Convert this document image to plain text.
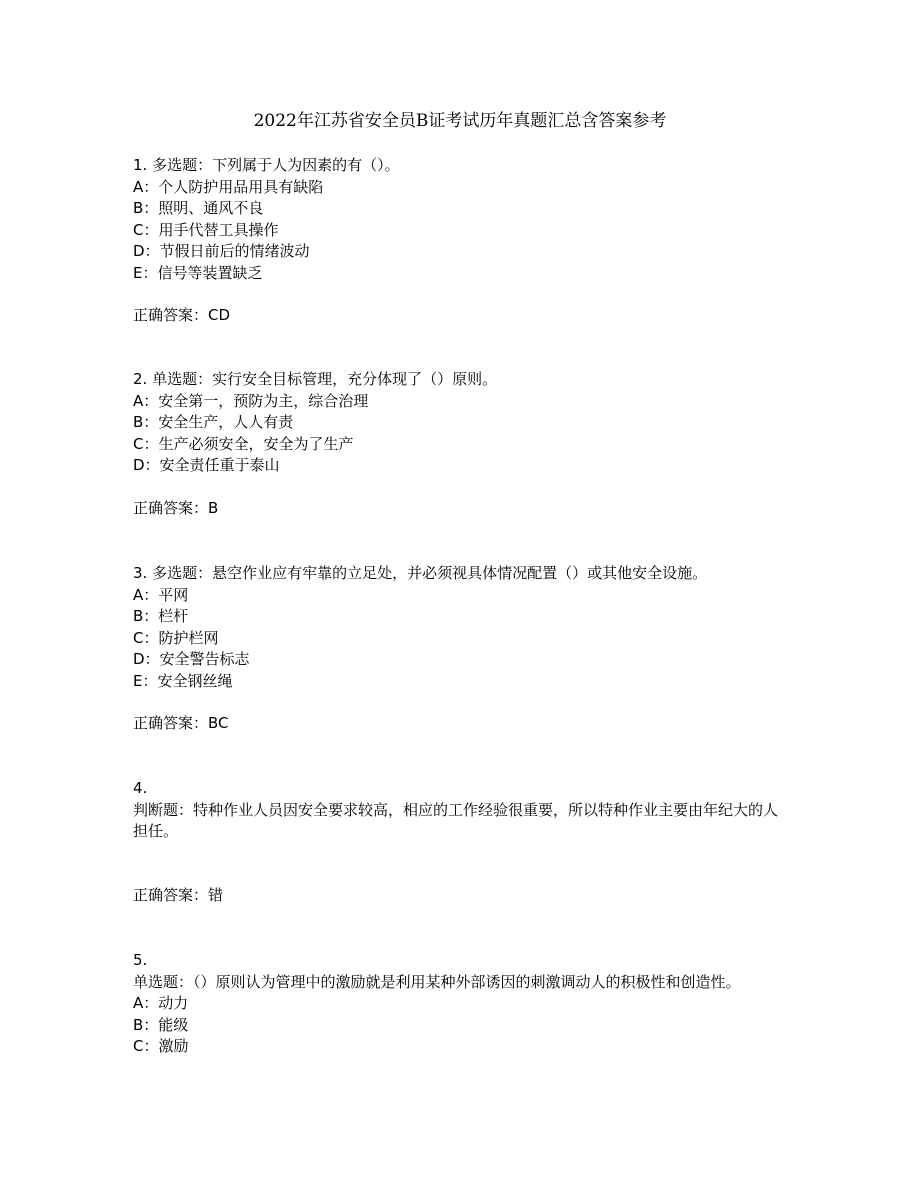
2022年江苏省安全员B证考试历年真题汇总含答案参考
1. 多选题：下列属于人为因素的有（）。
A：个人防护用品用具有缺陷
B：照明、通风不良
C：用手代替工具操作
D：节假日前后的情绪波动
E：信号等装置缺乏
正确答案：CD
2. 单选题：实行安全目标管理，充分体现了（）原则。
A：安全第一，预防为主，综合治理
B：安全生产，人人有责
C：生产必须安全，安全为了生产
D：安全责任重于泰山
正确答案：B
3. 多选题：悬空作业应有牢靠的立足处，并必须视具体情况配置（）或其他安全设施。
A：平网
B：栏杆
C：防护栏网
D：安全警告标志
E：安全钢丝绳
正确答案：BC
4.
判断题：特种作业人员因安全要求较高，相应的工作经验很重要，所以特种作业主要由年纪大的人担任。
正确答案：错
5.
单选题：（）原则认为管理中的激励就是利用某种外部诱因的刺激调动人的积极性和创造性。
A：动力
B：能级
C：激励
